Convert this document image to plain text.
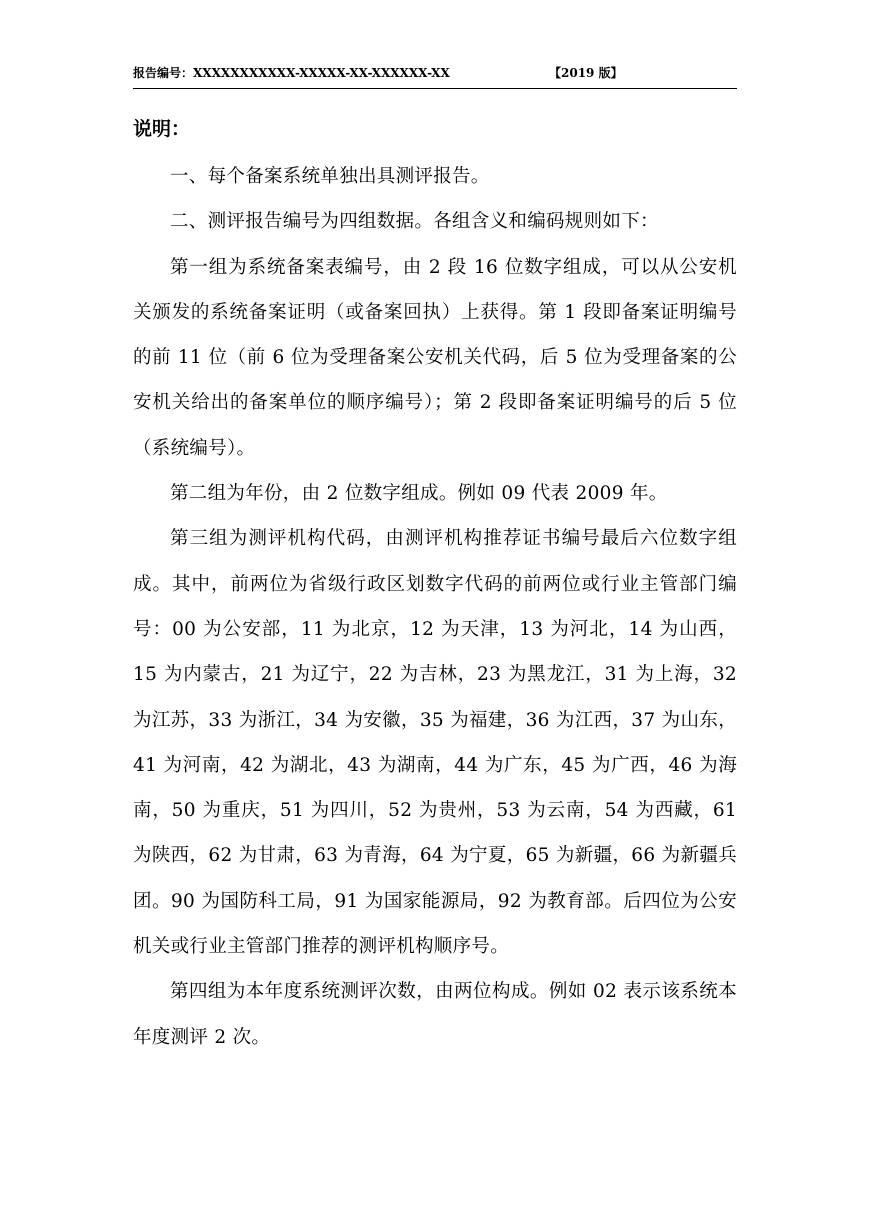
报告编号：XXXXXXXXXXX-XXXXX-XX-XXXXXX-XX	【2019 版】
说明：

一、每个备案系统单独出具测评报告。

二、测评报告编号为四组数据。各组含义和编码规则如下：

第一组为系统备案表编号，由 2 段 16 位数字组成，可以从公安机关颁发的系统备案证明（或备案回执）上获得。第 1 段即备案证明编号的前 11 位（前 6 位为受理备案公安机关代码，后 5 位为受理备案的公安机关给出的备案单位的顺序编号）；第 2 段即备案证明编号的后 5 位（系统编号）。

第二组为年份，由 2 位数字组成。例如 09 代表 2009 年。

第三组为测评机构代码，由测评机构推荐证书编号最后六位数字组成。其中，前两位为省级行政区划数字代码的前两位或行业主管部门编号：00 为公安部，11 为北京，12 为天津，13 为河北，14 为山西，15 为内蒙古，21 为辽宁，22 为吉林，23 为黑龙江，31 为上海，32 为江苏，33 为浙江，34 为安徽，35 为福建，36 为江西，37 为山东，41 为河南，42 为湖北，43 为湖南，44 为广东，45 为广西，46 为海南，50 为重庆，51 为四川，52 为贵州，53 为云南，54 为西藏，61 为陕西，62 为甘肃，63 为青海，64 为宁夏，65 为新疆，66 为新疆兵团。90 为国防科工局，91 为国家能源局，92 为教育部。后四位为公安机关或行业主管部门推荐的测评机构顺序号。

第四组为本年度系统测评次数，由两位构成。例如 02 表示该系统本年度测评 2 次。
